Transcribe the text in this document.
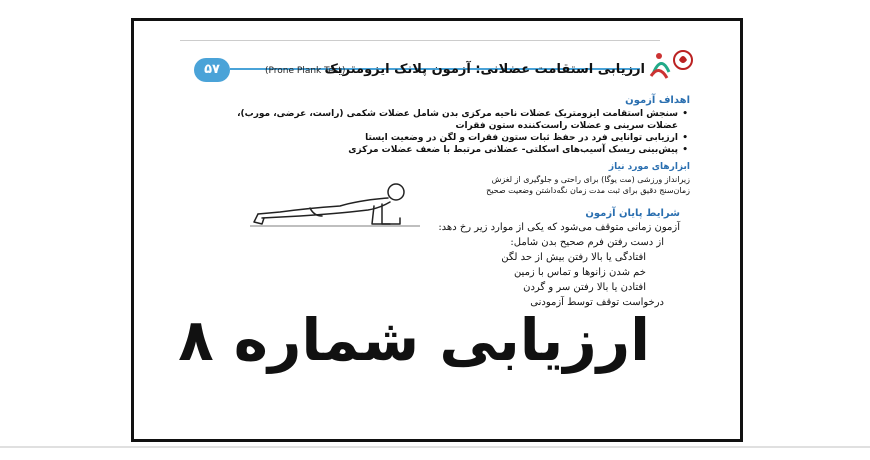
۵۷	(Prone Plank Test)
ارزیابی استقامت عضلانی: آزمون پلانک ایزومتریک

اهداف آزمون

• سنجش استقامت ایزومتریک عضلات ناحیه مرکزی بدن شامل عضلات شکمی (راست، عرضی، مورب)، عضلات سرینی و عضلات راست‌کننده ستون فقرات
• ارزیابی توانایی فرد در حفظ ثبات ستون فقرات و لگن در وضعیت ایستا
• پیش‌بینی ریسک آسیب‌های اسکلتی- عضلانی مرتبط با ضعف عضلات مرکزی

ابزارهای مورد نیاز

زیرانداز ورزشی (مت یوگا) برای راحتی و جلوگیری از لغزش

زمان‌سنج دقیق برای ثبت مدت زمان نگه‌داشتن وضعیت صحیح

شرایط پایان آزمون

آزمون زمانی متوقف می‌شود که یکی از موارد زیر رخ دهد:

از دست رفتن فرم صحیح بدن شامل:

افتادگی یا بالا رفتن بیش از حد لگن

خم شدن زانوها و تماس با زمین

افتادن یا بالا رفتن سر و گردن

درخواست توقف توسط آزمودنی

ارزیابی شماره ۸
